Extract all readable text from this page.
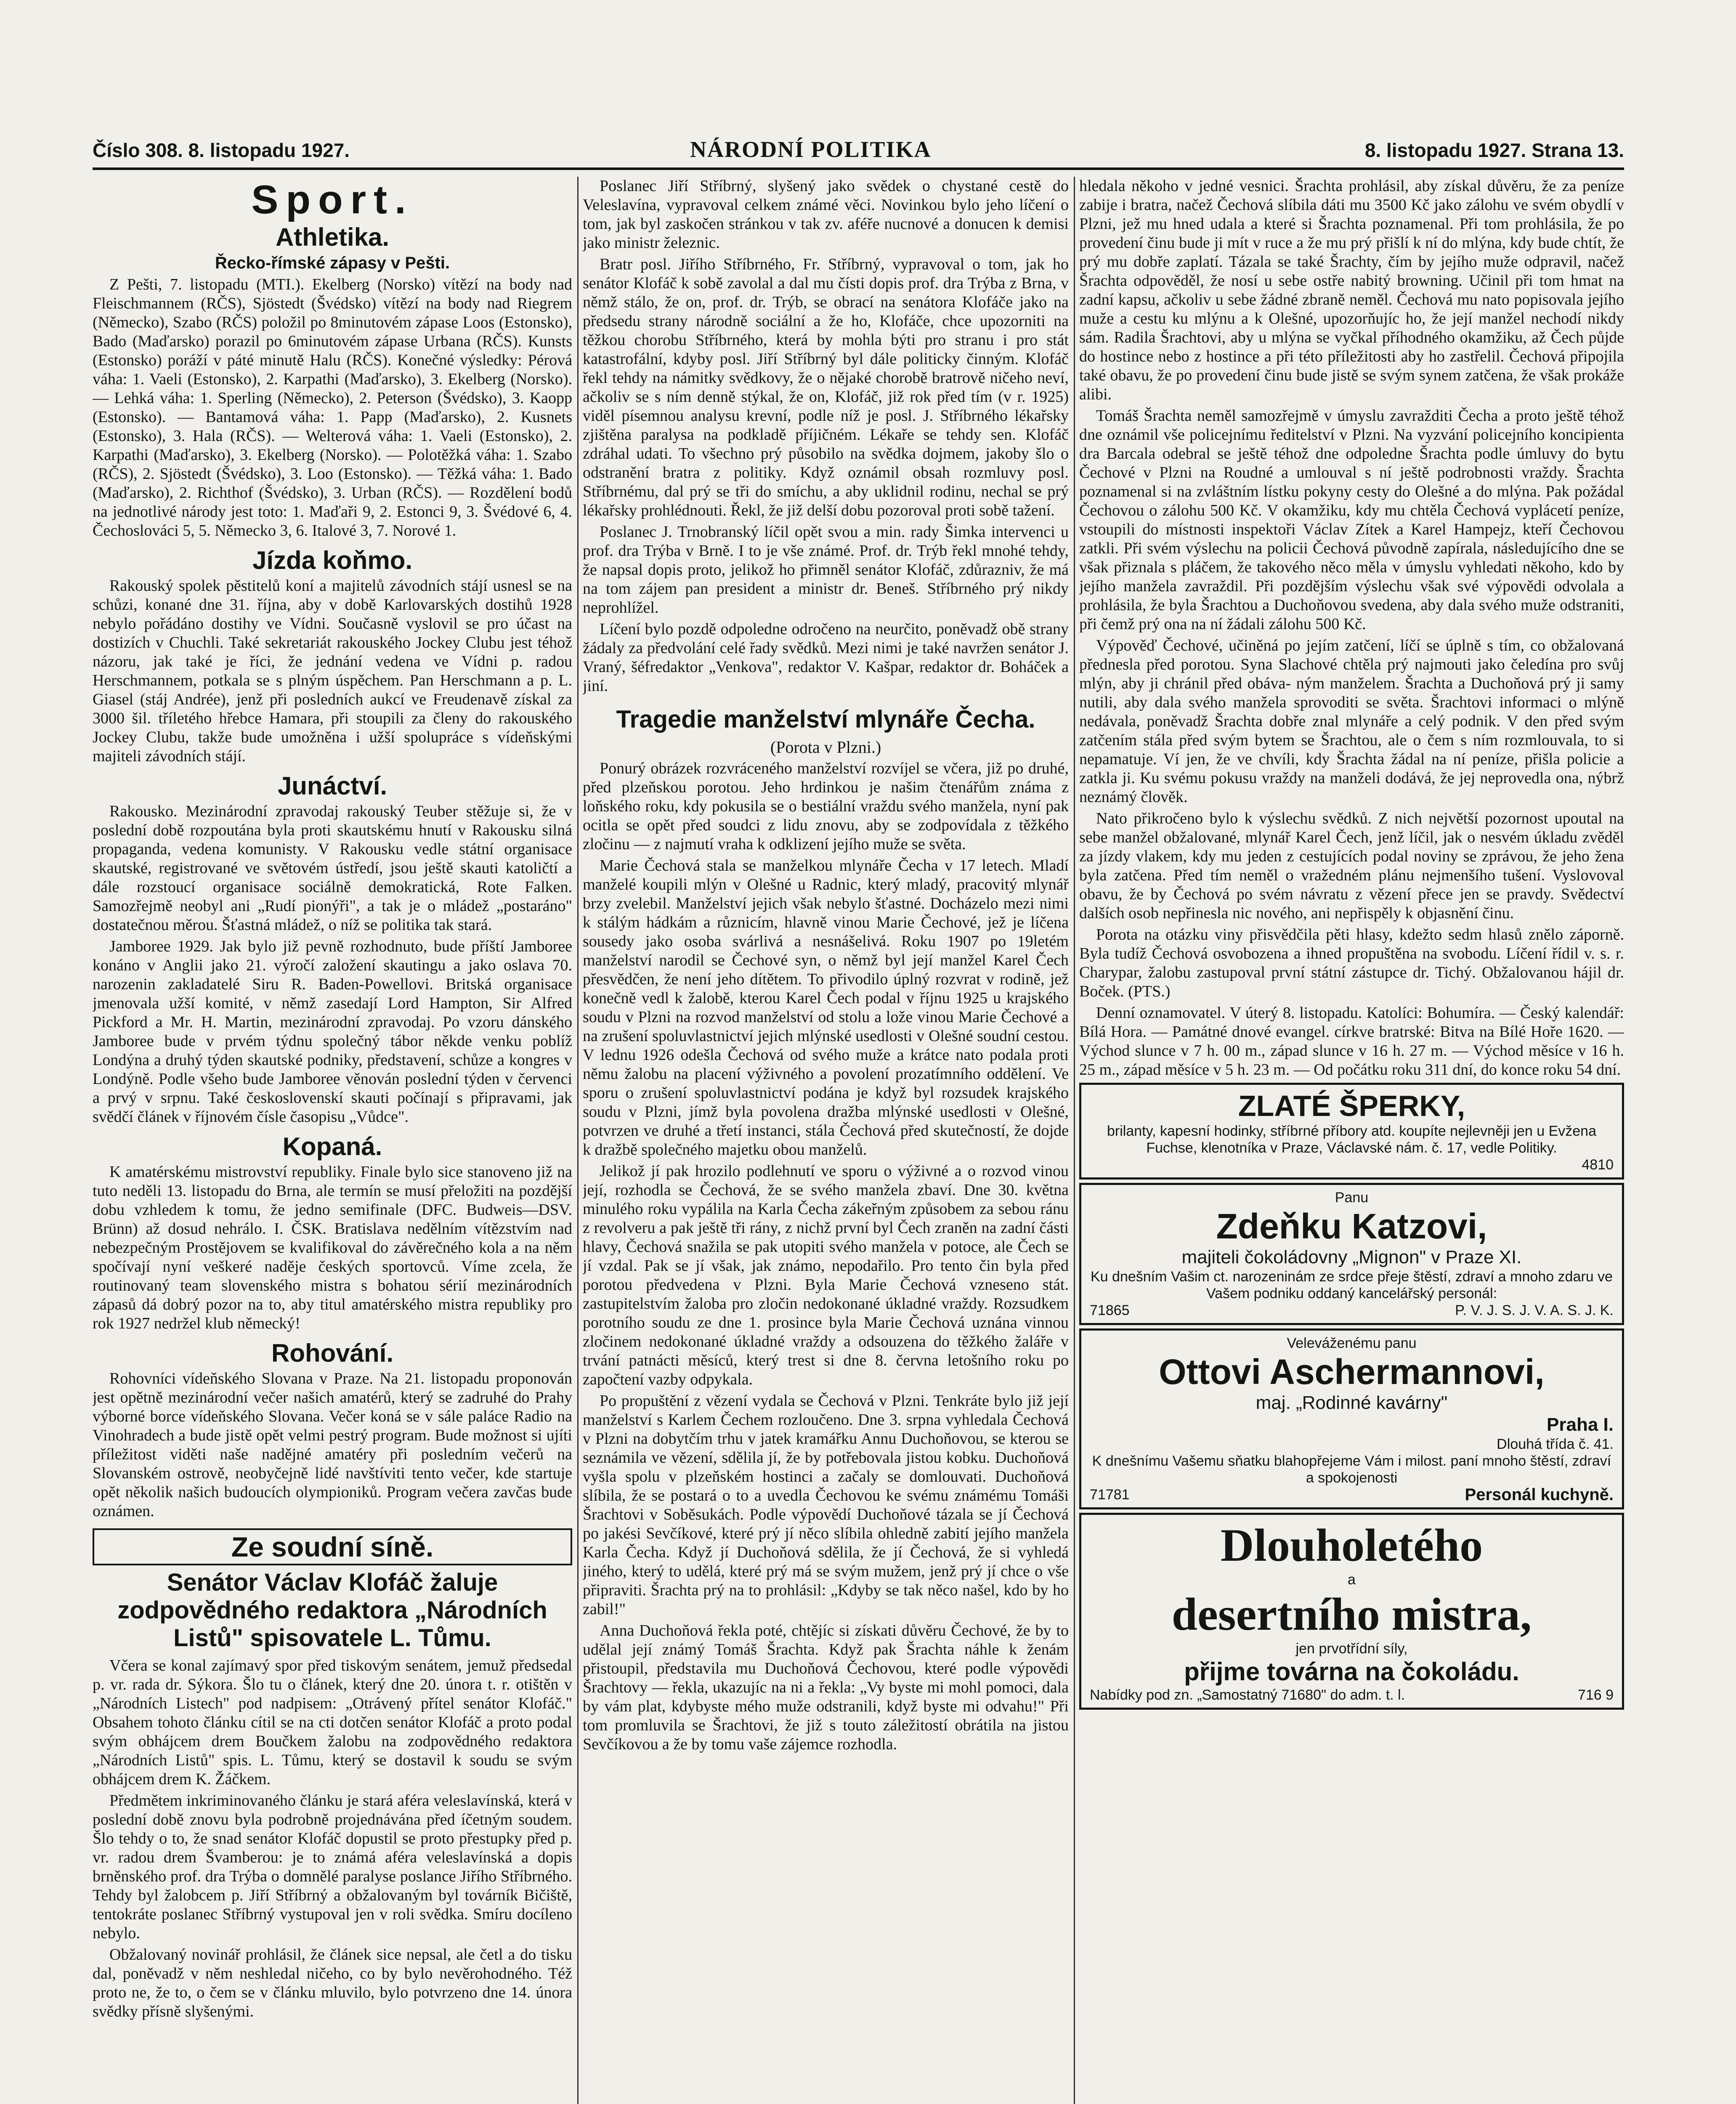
Číslo 308. 8. listopadu 1927.	NÁRODNÍ POLITIKA	8. listopadu 1927. Strana 13.
Sport.
Athletika.
Řecko-římské zápasy v Pešti.

Z Pešti, 7. listopadu (MTI.). Ekelberg (Norsko) vítězí na body nad Fleischmannem (RČS), Sjöstedt (Švédsko) vítězí na body nad Riegrem (Německo), Szabo (RČS) položil po 8minutovém zápase Loos (Estonsko), Bado (Maďarsko) porazil po 6minutovém zápase Urbana (RČS). Kunsts (Estonsko) poráží v páté minutě Halu (RČS). Konečné výsledky: Pérová váha: 1. Vaeli (Estonsko), 2. Karpathi (Maďarsko), 3. Ekelberg (Norsko). — Lehká váha: 1. Sperling (Německo), 2. Peterson (Švédsko), 3. Kaopp (Estonsko). — Bantamová váha: 1. Papp (Maďarsko), 2. Kusnets (Estonsko), 3. Hala (RČS). — Welterová váha: 1. Vaeli (Estonsko), 2. Karpathi (Maďarsko), 3. Ekelberg (Norsko). — Polotěžká váha: 1. Szabo (RČS), 2. Sjöstedt (Švédsko), 3. Loo (Estonsko). — Těžká váha: 1. Bado (Maďarsko), 2. Richthof (Švédsko), 3. Urban (RČS). — Rozdělení bodů na jednotlivé národy jest toto: 1. Maďaři 9, 2. Estonci 9, 3. Švédové 6, 4. Čechoslováci 5, 5. Německo 3, 6. Italové 3, 7. Norové 1.

Jízda koňmo.

Rakouský spolek pěstitelů koní a majitelů závodních stájí usnesl se na schůzi, konané dne 31. října, aby v době Karlovarských dostihů 1928 nebylo pořádáno dostihy ve Vídni. Současně vyslovil se pro účast na dostizích v Chuchli. Také sekretariát rakouského Jockey Clubu jest téhož názoru, jak také je říci, že jednání vedena ve Vídni p. radou Herschmannem, potkala se s plným úspěchem. Pan Herschmann a p. L. Giasel (stáj Andrée), jenž při posledních aukcí ve Freudenavě získal za 3000 šil. tříletého hřebce Hamara, při stoupili za členy do rakouského Jockey Clubu, takže bude umožněna i užší spolupráce s vídeňskými majiteli závodních stájí.

Junáctví.

Rakousko. Mezinárodní zpravodaj rakouský Teuber stěžuje si, že v poslední době rozpoutána byla proti skautskému hnutí v Rakousku silná propaganda, vedena komunisty. V Rakousku vedle státní organisace skautské, registrované ve světovém ústředí, jsou ještě skauti katoličtí a dále rozstoucí organisace sociálně demokratická, Rote Falken. Samozřejmě neobyl ani „Rudí pionýři", a tak je o mládež „postaráno" dostatečnou měrou. Šťastná mládež, o níž se politika tak stará.

Jamboree 1929. Jak bylo již pevně rozhodnuto, bude příští Jamboree konáno v Anglii jako 21. výročí založení skautingu a jako oslava 70. narozenin zakladatelé Siru R. Baden-Powellovi. Britská organisace jmenovala užší komité, v němž zasedají Lord Hampton, Sir Alfred Pickford a Mr. H. Martin, mezinárodní zpravodaj. Po vzoru dánského Jamboree bude v prvém týdnu společný tábor někde venku poblíž Londýna a druhý týden skautské podniky, představení, schůze a kongres v Londýně. Podle všeho bude Jamboree věnován poslední týden v červenci a prvý v srpnu. Také československí skauti počínají s připravami, jak svědčí článek v říjnovém čísle časopisu „Vůdce".

Kopaná.

K amatérskému mistrovství republiky. Finale bylo sice stanoveno již na tuto neděli 13. listopadu do Brna, ale termín se musí přeložiti na pozdější dobu vzhledem k tomu, že jedno semifinale (DFC. Budweis—DSV. Brünn) až dosud nehrálo. I. ČSK. Bratislava nedělním vítězstvím nad nebezpečným Prostějovem se kvalifikoval do závěrečného kola a na něm spočívají nyní veškeré naděje českých sportovců. Víme zcela, že routinovaný team slovenského mistra s bohatou sérií mezinárodních zápasů dá dobrý pozor na to, aby titul amatérského mistra republiky pro rok 1927 nedržel klub německý!

Rohování.

Rohovníci vídeňského Slovana v Praze. Na 21. listopadu proponován jest opětně mezinárodní večer našich amatérů, který se zadruhé do Prahy výborné borce vídeňského Slovana. Večer koná se v sále paláce Radio na Vinohradech a bude jistě opět velmi pestrý program. Bude možnost si ujíti příležitost viděti naše nadějné amatéry při posledním večerů na Slovanském ostrově, neobyčejně lidé navštíviti tento večer, kde startuje opět několik našich budoucích olympioniků. Program večera zavčas bude oznámen.

Ze soudní síně.
Senátor Václav Klofáč žaluje zodpovědného redaktora „Národních Listů" spisovatele L. Tůmu.

Včera se konal zajímavý spor před tiskovým senátem, jemuž předsedal p. vr. rada dr. Sýkora. Šlo tu o článek, který dne 20. února t. r. otištěn v „Národních Listech" pod nadpisem: „Otrávený přítel senátor Klofáč." Obsahem tohoto článku cítil se na cti dotčen senátor Klofáč a proto podal svým obhájcem drem Boučkem žalobu na zodpovědného redaktora „Národních Listů" spis. L. Tůmu, který se dostavil k soudu se svým obhájcem drem K. Žáčkem.

Předmětem inkriminovaného článku je stará aféra veleslavínská, která v poslední době znovu byla podrobně projednávána před íčetným soudem. Šlo tehdy o to, že snad senátor Klofáč dopustil se proto přestupky před p. vr. radou drem Švamberou: je to známá aféra veleslavínská a dopis brněnského prof. dra Trýba o domnělé paralyse poslance Jiřího Stříbrného. Tehdy byl žalobcem p. Jiří Stříbrný a obžalovaným byl továrník Bičiště, tentokráte poslanec Stříbrný vystupoval jen v roli svědka. Smíru docíleno nebylo.

Obžalovaný novinář prohlásil, že článek sice nepsal, ale četl a do tisku dal, poněvadž v něm neshledal ničeho, co by bylo nevěrohodného. Též proto ne, že to, o čem se v článku mluvilo, bylo potvrzeno dne 14. února svědky přísně slyšenými.

Poslanec Jiří Stříbrný, slyšený jako svědek o chystané cestě do Veleslavína, vypravoval celkem známé věci. Novinkou bylo jeho líčení o tom, jak byl zaskočen stránkou v tak zv. aféře nucnové a donucen k demisi jako ministr železnic.

Bratr posl. Jiřího Stříbrného, Fr. Stříbrný, vypravoval o tom, jak ho senátor Klofáč k sobě zavolal a dal mu čísti dopis prof. dra Trýba z Brna, v němž stálo, že on, prof. dr. Trýb, se obrací na senátora Klofáče jako na předsedu strany národně sociální a že ho, Klofáče, chce upozorniti na těžkou chorobu Stříbrného, která by mohla býti pro stranu i pro stát katastrofální, kdyby posl. Jiří Stříbrný byl dále politicky činným. Klofáč řekl tehdy na námitky svědkovy, že o nějaké chorobě bratrově ničeho neví, ačkoliv se s ním denně stýkal, že on, Klofáč, již rok před tím (v r. 1925) viděl písemnou analysu krevní, podle níž je posl. J. Stříbrného lékařsky zjištěna paralysa na podkladě příjičném. Lékaře se tehdy sen. Klofáč zdráhal udati. To všechno prý působilo na svědka dojmem, jakoby šlo o odstranění bratra z politiky. Když oznámil obsah rozmluvy posl. Stříbrnému, dal prý se tři do smíchu, a aby uklidnil rodinu, nechal se prý lékařsky prohlédnouti. Řekl, že již delší dobu pozoroval proti sobě tažení.

Poslanec J. Trnobranský líčil opět svou a min. rady Šimka intervenci u prof. dra Trýba v Brně. I to je vše známé. Prof. dr. Trýb řekl mnohé tehdy, že napsal dopis proto, jelikož ho přimněl senátor Klofáč, zdůrazniv, že má na tom zájem pan president a ministr dr. Beneš. Stříbrného prý nikdy neprohlížel.

Líčení bylo pozdě odpoledne odročeno na neurčito, poněvadž obě strany žádaly za předvolání celé řady svědků. Mezi nimi je také navržen senátor J. Vraný, šéfredaktor „Venkova", redaktor V. Kašpar, redaktor dr. Boháček a jiní.

Tragedie manželství mlynáře Čecha.

(Porota v Plzni.)

Ponurý obrázek rozvráceného manželství rozvíjel se včera, již po druhé, před plzeňskou porotou. Jeho hrdinkou je našim čtenářům známa z loňského roku, kdy pokusila se o bestiální vraždu svého manžela, nyní pak ocitla se opět před soudci z lidu znovu, aby se zodpovídala z těžkého zločinu — z najmutí vraha k odklizení jejího muže se světa.

Marie Čechová stala se manželkou mlynáře Čecha v 17 letech. Mladí manželé koupili mlýn v Olešné u Radnic, který mladý, pracovitý mlynář brzy zvelebil. Manželství jejich však nebylo šťastné. Docházelo mezi nimi k stálým hádkám a různicím, hlavně vinou Marie Čechové, jež je líčena sousedy jako osoba svárlivá a nesnášelivá. Roku 1907 po 19letém manželství narodil se Čechové syn, o němž byl její manžel Karel Čech přesvědčen, že není jeho dítětem. To přivodilo úplný rozvrat v rodině, jež konečně vedl k žalobě, kterou Karel Čech podal v říjnu 1925 u krajského soudu v Plzni na rozvod manželství od stolu a lože vinou Marie Čechové a na zrušení spoluvlastnictví jejich mlýnské usedlosti v Olešné soudní cestou. V lednu 1926 odešla Čechová od svého muže a krátce nato podala proti němu žalobu na placení výživného a povolení prozatímního oddělení. Ve sporu o zrušení spoluvlastnictví podána je když byl rozsudek krajského soudu v Plzni, jímž byla povolena dražba mlýnské usedlosti v Olešné, potvrzen ve druhé a třetí instanci, stála Čechová před skutečností, že dojde k dražbě společného majetku obou manželů.

Jelikož jí pak hrozilo podlehnutí ve sporu o výživné a o rozvod vinou její, rozhodla se Čechová, že se svého manžela zbaví. Dne 30. května minulého roku vypálila na Karla Čecha zákeřným způsobem za sebou ránu z revolveru a pak ještě tři rány, z nichž první byl Čech zraněn na zadní části hlavy, Čechová snažila se pak utopiti svého manžela v potoce, ale Čech se jí vzdal. Pak se jí však, jak známo, nepodařilo. Pro tento čin byla před porotou předvedena v Plzni. Byla Marie Čechová vzneseno stát. zastupitelstvím žaloba pro zločin nedokonané úkladné vraždy. Rozsudkem porotního soudu ze dne 1. prosince byla Marie Čechová uznána vinnou zločinem nedokonané úkladné vraždy a odsouzena do těžkého žaláře v trvání patnácti měsíců, který trest si dne 8. června letošního roku po započtení vazby odpykala.

Po propuštění z vězení vydala se Čechová v Plzni. Tenkráte bylo již její manželství s Karlem Čechem rozloučeno. Dne 3. srpna vyhledala Čechová v Plzni na dobytčím trhu v jatek kramářku Annu Duchoňovou, se kterou se seznámila ve vězení, sdělila jí, že by potřebovala jistou kobku. Duchoňová vyšla spolu v plzeňském hostinci a začaly se domlouvati. Duchoňová slíbila, že se postará o to a uvedla Čechovou ke svému známému Tomáši Šrachtovi v Soběsukách. Podle výpovědí Duchoňové tázala se jí Čechová po jakési Sevčíkové, které prý jí něco slíbila ohledně zabití jejího manžela Karla Čecha. Když jí Duchoňová sdělila, že jí Čechová, že si vyhledá jiného, který to udělá, které prý má se svým mužem, jenž prý jí chce o vše připraviti. Šrachta prý na to prohlásil: „Kdyby se tak něco našel, kdo by ho zabil!"

Anna Duchoňová řekla poté, chtějíc si získati důvěru Čechové, že by to udělal její známý Tomáš Šrachta. Když pak Šrachta náhle k ženám přistoupil, představila mu Duchoňová Čechovou, které podle výpovědi Šrachtovy — řekla, ukazujíc na ni a řekla: „Vy byste mi mohl pomoci, dala by vám plat, kdybyste mého muže odstranili, když byste mi odvahu!" Při tom promluvila se Šrachtovi, že již s touto záležitostí obrátila na jistou Sevčíkovou a že by tomu vaše zájemce rozhodla.

hledala někoho v jedné vesnici. Šrachta prohlásil, aby získal důvěru, že za peníze zabije i bratra, načež Čechová slíbila dáti mu 3500 Kč jako zálohu ve svém obydlí v Plzni, jež mu hned udala a které si Šrachta poznamenal. Při tom prohlásila, že po provedení činu bude ji mít v ruce a že mu prý přišlí k ní do mlýna, kdy bude chtít, že prý mu dobře zaplatí. Tázala se také Šrachty, čím by jejího muže odpravil, načež Šrachta odpověděl, že nosí u sebe ostře nabitý browning. Učinil při tom hmat na zadní kapsu, ačkoliv u sebe žádné zbraně neměl. Čechová mu nato popisovala jejího muže a cestu ku mlýnu a k Olešné, upozorňujíc ho, že její manžel nechodí nikdy sám. Radila Šrachtovi, aby u mlýna se vyčkal příhodného okamžiku, až Čech půjde do hostince nebo z hostince a při této příležitosti aby ho zastřelil. Čechová připojila také obavu, že po provedení činu bude jistě se svým synem zatčena, že však prokáže alibi.

Tomáš Šrachta neměl samozřejmě v úmyslu zavražditi Čecha a proto ještě téhož dne oznámil vše policejnímu ředitelství v Plzni. Na vyzvání policejního koncipienta dra Barcala odebral se ještě téhož dne odpoledne Šrachta podle úmluvy do bytu Čechové v Plzni na Roudné a umlouval s ní ještě podrobnosti vraždy. Šrachta poznamenal si na zvláštním lístku pokyny cesty do Olešné a do mlýna. Pak požádal Čechovou o zálohu 500 Kč. V okamžiku, kdy mu chtěla Čechová vyplácetí peníze, vstoupili do místnosti inspektoři Václav Zítek a Karel Hampejz, kteří Čechovou zatkli. Při svém výslechu na policii Čechová původně zapírala, následujícího dne se však přiznala s pláčem, že takového něco měla v úmyslu vyhledati někoho, kdo by jejího manžela zavraždil. Při pozdějším výslechu však své výpovědi odvolala a prohlásila, že byla Šrachtou a Duchoňovou svedena, aby dala svého muže odstraniti, při čemž prý ona na ní žádali zálohu 500 Kč.

Výpověď Čechové, učiněná po jejím zatčení, líčí se úplně s tím, co obžalovaná přednesla před porotou. Syna Slachové chtěla prý najmouti jako čeledína pro svůj mlýn, aby ji chránil před obáva- ným manželem. Šrachta a Duchoňová prý ji samy nutili, aby dala svého manžela sprovoditi se světa. Šrachtovi informaci o mlýně nedávala, poněvadž Šrachta dobře znal mlynáře a celý podnik. V den před svým zatčením stála před svým bytem se Šrachtou, ale o čem s ním rozmlouvala, to si nepamatuje. Ví jen, že ve chvíli, kdy Šrachta žádal na ní peníze, přišla policie a zatkla ji. Ku svému pokusu vraždy na manželi dodává, že jej neprovedla ona, nýbrž neznámý člověk.

Nato přikročeno bylo k výslechu svědků. Z nich největší pozornost upoutal na sebe manžel obžalované, mlynář Karel Čech, jenž líčil, jak o nesvém úkladu zvěděl za jízdy vlakem, kdy mu jeden z cestujících podal noviny se zprávou, že jeho žena byla zatčena. Před tím neměl o vražedném plánu nejmenšího tušení. Vyslovoval obavu, že by Čechová po svém návratu z vězení přece jen se pravdy. Svědectví dalších osob nepřinesla nic nového, ani nepřispěly k objasnění činu.

Porota na otázku viny přisvědčila pěti hlasy, kdežto sedm hlasů znělo záporně. Byla tudíž Čechová osvobozena a ihned propuštěna na svobodu. Líčení řídil v. s. r. Charypar, žalobu zastupoval první státní zástupce dr. Tichý. Obžalovanou hájil dr. Boček. (PTS.)

Denní oznamovatel. V úterý 8. listopadu. Katolíci: Bohumíra. — Český kalendář: Bílá Hora. — Památné dnové evangel. církve bratrské: Bitva na Bílé Hoře 1620. — Východ slunce v 7 h. 00 m., západ slunce v 16 h. 27 m. — Východ měsíce v 16 h. 25 m., západ měsíce v 5 h. 23 m. — Od počátku roku 311 dní, do konce roku 54 dní.

ZLATÉ ŠPERKY,
brilanty, kapesní hodinky, stříbrné příbory atd. koupíte nejlevněji jen u Evženа Fuchse, klenotníka v Praze, Václavské nám. č. 17, vedle Politiky.
4810
Panu
Zdeňku Katzovi,
majiteli čokoládovny „Mignon" v Praze XI.
Ku dnešním Vašim ct. narozeninám ze srdce přeje štěstí, zdraví a mnoho zdaru ve Vašem podniku oddaný kancelářský personál:
71865	P. V. J. S. J. V. A. S. J. K.
Veleváženému panu
Ottovi Aschermannovi,
maj. „Rodinné kavárny"
Praha I.
Dlouhá třída č. 41.
K dnešnímu Vašemu sňatku blahopřejeme Vám i milost. paní mnoho štěstí, zdraví a spokojenosti
71781	Personál kuchyně.
Dlouholetého
a
desertního mistra,
jen prvotřídní síly,
přijme továrna na čokoládu.
Nabídky pod zn. „Samostatný 71680" do adm. t. l.	716 9
